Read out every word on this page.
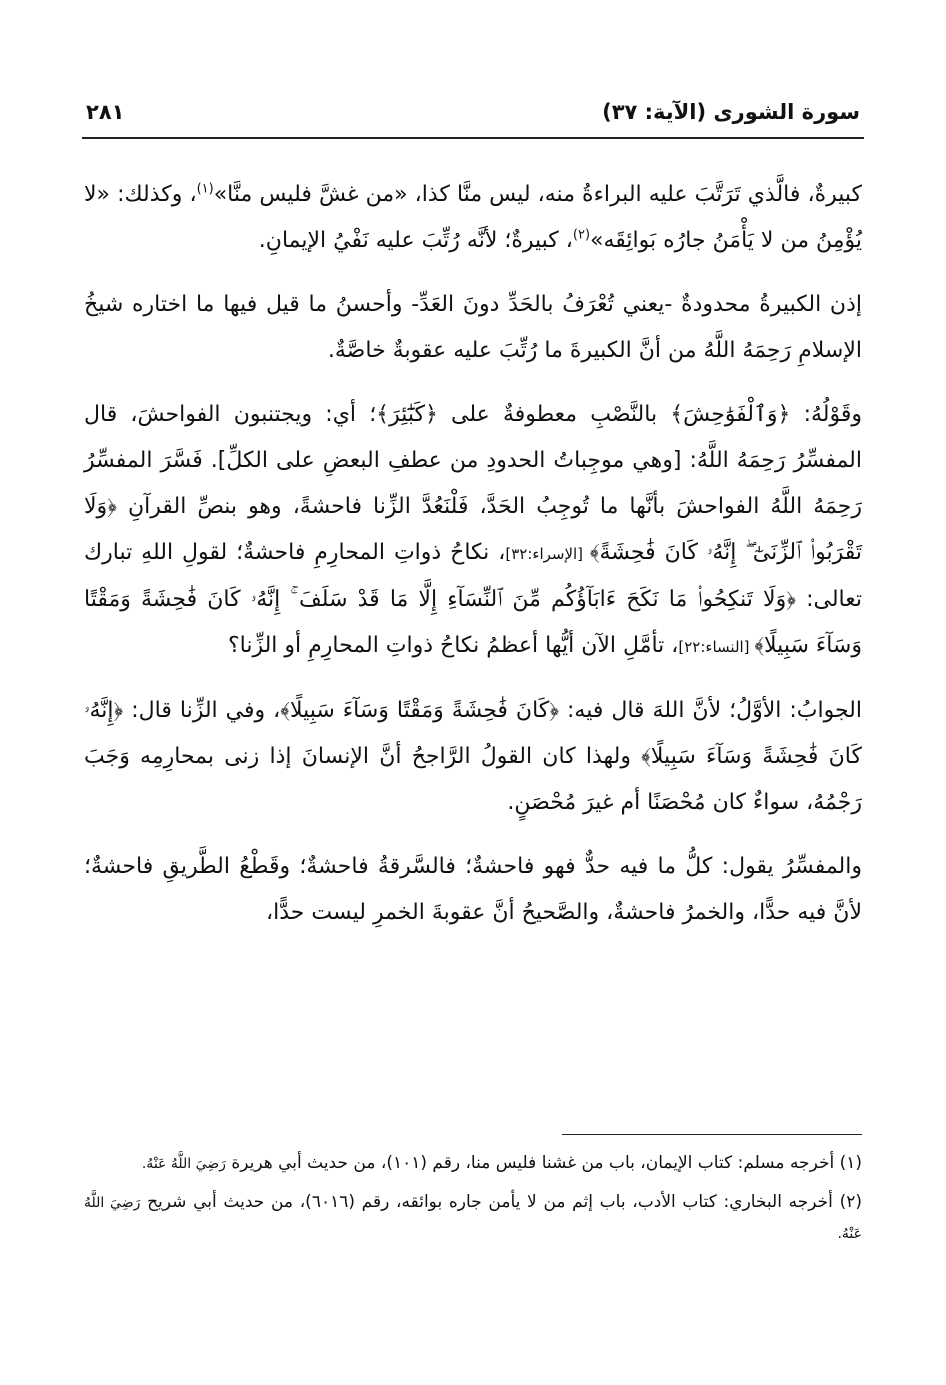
سورة الشورى (الآية: ٣٧)
٢٨١

كبيرةٌ، فالَّذي تَرَتَّبَ عليه البراءةُ منه، ليس منَّا كذا، «من غشَّ فليس منَّا»$^{(١)}$، وكذلك: «لا يُؤْمِنُ من لا يَأْمَنُ جارُه بَوائِقَه»$^{(٢)}$، كبيرةٌ؛ لأنَّه رُتِّبَ عليه نَفْيُ الإيمانِ.

إذن الكبيرةُ محدودةٌ -يعني تُعْرَفُ بالحَدِّ دونَ العَدِّ- وأحسنُ ما قيل فيها ما اختاره شيخُ الإسلامِ رَحِمَهُ اللَّهُ من أنَّ الكبيرةَ ما رُتِّبَ عليه عقوبةٌ خاصَّةٌ.

وقَوْلُهُ: ﴿وَٱلْفَوَٰحِشَ﴾ بالنَّصْبِ معطوفةٌ على ﴿كَبَٰٓئِرَ﴾؛ أي: ويجتنبون الفواحشَ، قال المفسِّرُ رَحِمَهُ اللَّهُ: [وهي موجِباتُ الحدودِ من عطفِ البعضِ على الكلِّ]. فَسَّرَ المفسِّرُ رَحِمَهُ اللَّهُ الفواحشَ بأنَّها ما تُوجِبُ الحَدَّ، فَلْنَعُدَّ الزِّنا فاحشةً، وهو بنصِّ القرآنِ ﴿وَلَا تَقْرَبُوا۟ ٱلزِّنَىٰٓ ۖ إِنَّهُۥ كَانَ فَٰحِشَةً﴾ [الإسراء:٣٢]، نكاحُ ذواتِ المحارِمِ فاحشةٌ؛ لقولِ اللهِ تبارك تعالى: ﴿وَلَا تَنكِحُوا۟ مَا نَكَحَ ءَابَآؤُكُم مِّنَ ٱلنِّسَآءِ إِلَّا مَا قَدْ سَلَفَ ۚ إِنَّهُۥ كَانَ فَٰحِشَةً وَمَقْتًا وَسَآءَ سَبِيلًا﴾ [النساء:٢٢]، تأمَّلِ الآن أيُّها أعظمُ نكاحُ ذواتِ المحارِمِ أو الزِّنا؟

الجوابُ: الأوَّلُ؛ لأنَّ اللهَ قال فيه: ﴿كَانَ فَٰحِشَةً وَمَقْتًا وَسَآءَ سَبِيلًا﴾، وفي الزِّنا قال: ﴿إِنَّهُۥ كَانَ فَٰحِشَةً وَسَآءَ سَبِيلًا﴾ ولهذا كان القولُ الرَّاجحُ أنَّ الإنسانَ إذا زنى بمحارِمِه وَجَبَ رَجْمُهُ، سواءٌ كان مُحْصَنًا أم غيرَ مُحْصَنٍ.

والمفسِّرُ يقول: كلُّ ما فيه حدٌّ فهو فاحشةٌ؛ فالسَّرقةُ فاحشةٌ؛ وقَطْعُ الطَّريقِ فاحشةٌ؛ لأنَّ فيه حدًّا، والخمرُ فاحشةٌ، والصَّحيحُ أنَّ عقوبةَ الخمرِ ليست حدًّا،

(١) أخرجه مسلم: كتاب الإيمان، باب من غشنا فليس منا، رقم (١٠١)، من حديث أبي هريرة رَضِيَ اللَّهُ عَنْهُ.

(٢) أخرجه البخاري: كتاب الأدب، باب إثم من لا يأمن جاره بوائقه، رقم (٦٠١٦)، من حديث أبي شريح رَضِيَ اللَّهُ عَنْهُ.
